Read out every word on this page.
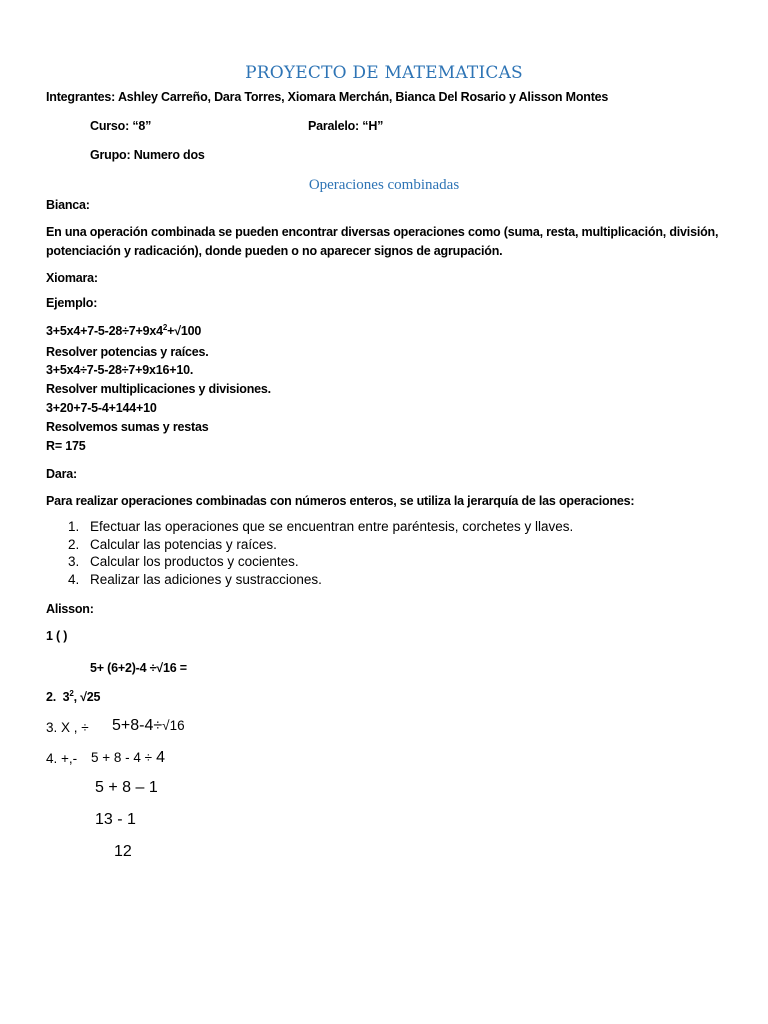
PROYECTO DE MATEMATICAS
Integrantes: Ashley Carreño, Dara Torres, Xiomara Merchán, Bianca Del Rosario y Alisson Montes
Curso: “8”	Paralelo: “H”
Grupo: Numero dos
Operaciones combinadas
Bianca:
En una operación combinada se pueden encontrar diversas operaciones como (suma, resta, multiplicación, división,
potenciación y radicación), donde pueden o no aparecer signos de agrupación.
Xiomara:
Ejemplo:
$3+5x4+7-5-28\div 7+9x4^2+√100$
Resolver potencias y raíces.
3+5x4÷7-5-28÷7+9x16+10.
Resolver multiplicaciones y divisiones.
3+20+7-5-4+144+10
Resolvemos sumas y restas
R= 175
Dara:
Para realizar operaciones combinadas con números enteros, se utiliza la jerarquía de las operaciones:
1. Efectuar las operaciones que se encuentran entre paréntesis, corchetes y llaves.
2. Calcular las potencias y raíces.
3. Calcular los productos y cocientes.
4. Realizar las adiciones y sustracciones.
Alisson:
1 ( )
5+ (6+2)-4 ÷√16 =
2. $3^2$, √25
3. X , ÷ 5+8-4÷√16
4. +,- 5 + 8 - 4 ÷ 4
5 + 8 – 1
13 - 1
12
